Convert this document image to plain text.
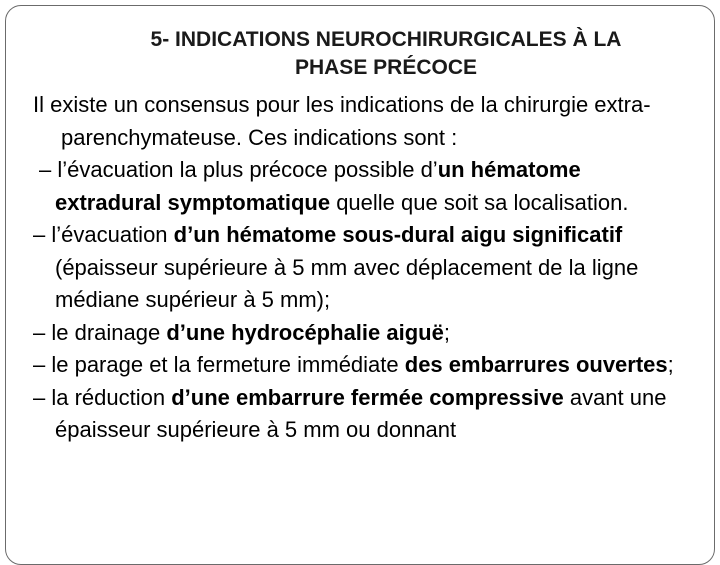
5- INDICATIONS NEUROCHIRURGICALES À LA
PHASE PRÉCOCE

Il existe un consensus pour les indications de la chirurgie extra-parenchymateuse. Ces indications sont :

– l’évacuation la plus précoce possible d’un hématome extradural symptomatique quelle que soit sa localisation.

– l’évacuation d’un hématome sous-dural aigu significatif (épaisseur supérieure à 5 mm avec déplacement de la ligne médiane supérieur à 5 mm);

– le drainage d’une hydrocéphalie aiguë;

– le parage et la fermeture immédiate des embarrures ouvertes;

– la réduction d’une embarrure fermée compressive avant une épaisseur supérieure à 5 mm ou donnant
